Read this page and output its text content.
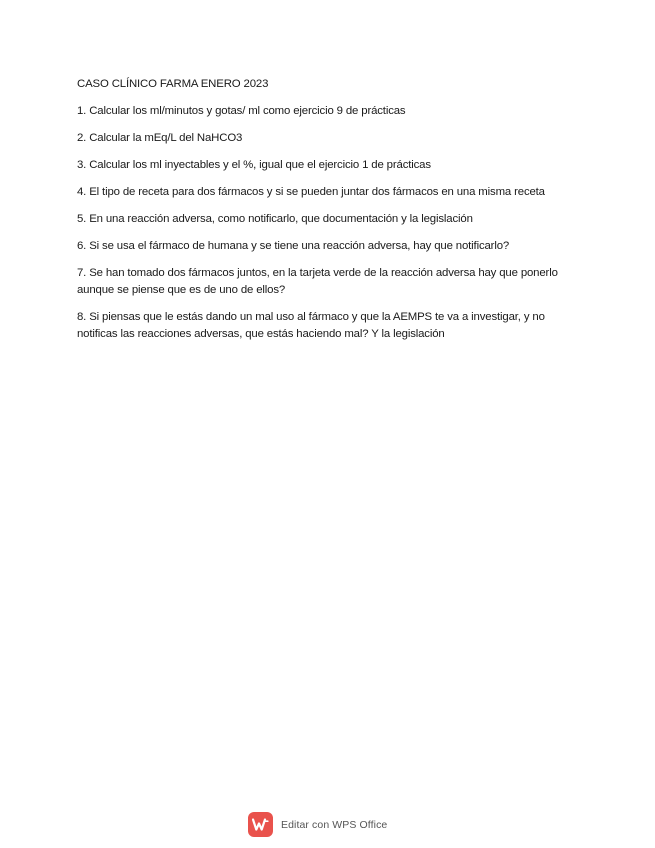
CASO CLÍNICO FARMA ENERO 2023

1. Calcular los ml/minutos y gotas/ ml como ejercicio 9 de prácticas

2. Calcular la mEq/L del NaHCO3

3. Calcular los ml inyectables y el %, igual que el ejercicio 1 de prácticas

4. El tipo de receta para dos fármacos y si se pueden juntar dos fármacos en una misma receta

5. En una reacción adversa, como notificarlo, que documentación y la legislación

6. Si se usa el fármaco de humana y se tiene una reacción adversa, hay que notificarlo?

7. Se han tomado dos fármacos juntos, en la tarjeta verde de la reacción adversa hay que ponerlo aunque se piense que es de uno de ellos?

8. Si piensas que le estás dando un mal uso al fármaco y que la AEMPS te va a investigar, y no notificas las reacciones adversas, que estás haciendo mal? Y la legislación

Editar con WPS Office
